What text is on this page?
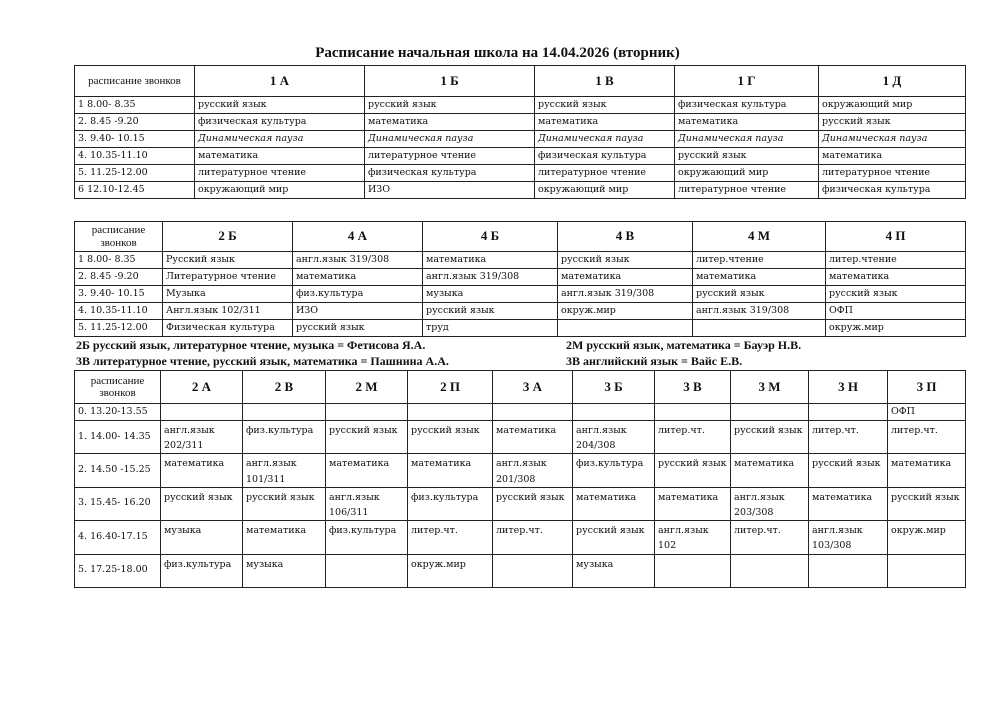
Расписание начальная школа на 14.04.2026 (вторник)
расписание звонков	1 А	1 Б	1 В	1 Г	1 Д
1 8.00- 8.35	русский язык	русский язык	русский язык	физическая культура	окружающий мир
2. 8.45 -9.20	физическая культура	математика	математика	математика	русский язык
3. 9.40- 10.15	Динамическая пауза	Динамическая пауза	Динамическая пауза	Динамическая пауза	Динамическая пауза
4. 10.35-11.10	математика	литературное чтение	физическая культура	русский язык	математика
5. 11.25-12.00	литературное чтение	физическая культура	литературное чтение	окружающий мир	литературное чтение
6 12.10-12.45	окружающий мир	ИЗО	окружающий мир	литературное чтение	физическая культура
расписание звонков	2 Б	4 А	4 Б	4 В	4 М	4 П
1 8.00- 8.35	Русский язык	англ.язык 319/308	математика	русский язык	литер.чтение	литер.чтение
2. 8.45 -9.20	Литературное чтение	математика	англ.язык 319/308	математика	математика	математика
3. 9.40- 10.15	Музыка	физ.культура	музыка	англ.язык 319/308	русский язык	русский язык
4. 10.35-11.10	Англ.язык 102/311	ИЗО	русский язык	окруж.мир	англ.язык 319/308	ОФП
5. 11.25-12.00	Физическая культура	русский язык	труд			окруж.мир
2Б русский язык, литературное чтение, музыка = Фетисова Я.А.	2М русский язык, математика = Бауэр Н.В.
3В литературное чтение, русский язык, математика = Пашнина А.А.	3В английский язык = Вайс Е.В.
расписание звонков	2 А	2 В	2 М	2 П	3 А	3 Б	3 В	3 М	3 Н	3 П
0. 13.20-13.55										ОФП
1. 14.00- 14.35	англ.язык 202/311	физ.культура	русский язык	русский язык	математика	англ.язык 204/308	литер.чт.	русский язык	литер.чт.	литер.чт.
2. 14.50 -15.25	математика	англ.язык 101/311	математика	математика	англ.язык 201/308	физ.культура	русский язык	математика	русский язык	математика
3. 15.45- 16.20	русский язык	русский язык	англ.язык 106/311	физ.культура	русский язык	математика	математика	англ.язык 203/308	математика	русский язык
4. 16.40-17.15	музыка	математика	физ.культура	литер.чт.	литер.чт.	русский язык	англ.язык 102	литер.чт.	англ.язык 103/308	окруж.мир
5. 17.25-18.00	физ.культура	музыка		окруж.мир		музыка				
